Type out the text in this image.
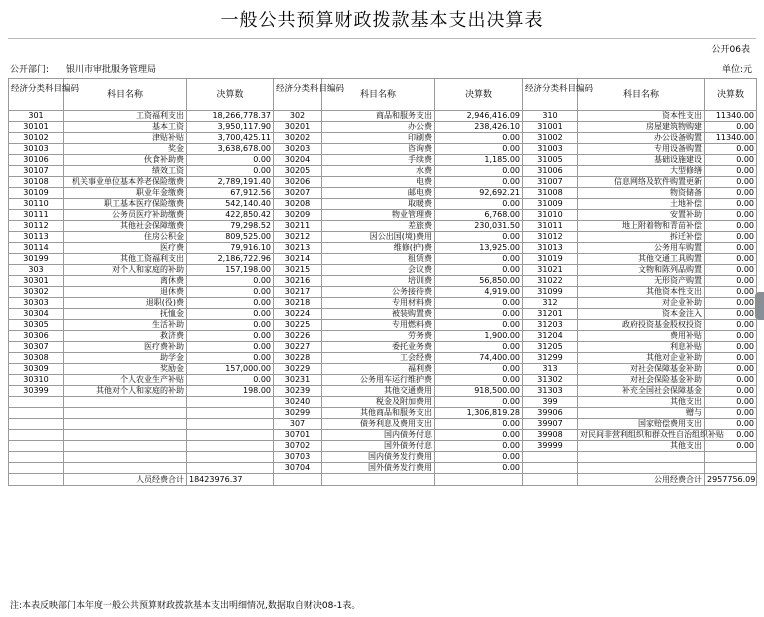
一般公共预算财政拨款基本支出决算表
公开06表
公开部门: 银川市审批服务管理局	单位:元
经济分类科目编码	科目名称	决算数	经济分类科目编码	科目名称	决算数	经济分类科目编码	科目名称	决算数
301	工资福利支出	18,266,778.37	302	商品和服务支出	2,946,416.09	310	资本性支出	11340.00
30101	基本工资	3,950,117.90	30201	办公费	238,426.10	31001	房屋建筑物购建	0.00
30102	津贴补贴	3,700,425.11	30202	印刷费	0.00	31002	办公设备购置	11340.00
30103	奖金	3,638,678.00	30203	咨询费	0.00	31003	专用设备购置	0.00
30106	伙食补助费	0.00	30204	手续费	1,185.00	31005	基础设施建设	0.00
30107	绩效工资	0.00	30205	水费	0.00	31006	大型修缮	0.00
30108	机关事业单位基本养老保险缴费	2,789,191.40	30206	电费	0.00	31007	信息网络及软件购置更新	0.00
30109	职业年金缴费	67,912.56	30207	邮电费	92,692.21	31008	物资储备	0.00
30110	职工基本医疗保险缴费	542,140.40	30208	取暖费	0.00	31009	土地补偿	0.00
30111	公务员医疗补助缴费	422,850.42	30209	物业管理费	6,768.00	31010	安置补助	0.00
30112	其他社会保障缴费	79,298.52	30211	差旅费	230,031.50	31011	地上附着物和青苗补偿	0.00
30113	住房公积金	809,525.00	30212	因公出国(境)费用	0.00	31012	拆迁补偿	0.00
30114	医疗费	79,916.10	30213	维修(护)费	13,925.00	31013	公务用车购置	0.00
30199	其他工资福利支出	2,186,722.96	30214	租赁费	0.00	31019	其他交通工具购置	0.00
303	对个人和家庭的补助	157,198.00	30215	会议费	0.00	31021	文物和陈列品购置	0.00
30301	离休费	0.00	30216	培训费	56,850.00	31022	无形资产购置	0.00
30302	退休费	0.00	30217	公务接待费	4,919.00	31099	其他资本性支出	0.00
30303	退职(役)费	0.00	30218	专用材料费	0.00	312	对企业补助	0.00
30304	抚恤金	0.00	30224	被装购置费	0.00	31201	资本金注入	0.00
30305	生活补助	0.00	30225	专用燃料费	0.00	31203	政府投资基金股权投资	0.00
30306	救济费	0.00	30226	劳务费	1,900.00	31204	费用补贴	0.00
30307	医疗费补助	0.00	30227	委托业务费	0.00	31205	利息补贴	0.00
30308	助学金	0.00	30228	工会经费	74,400.00	31299	其他对企业补助	0.00
30309	奖励金	157,000.00	30229	福利费	0.00	313	对社会保障基金补助	0.00
30310	个人农业生产补贴	0.00	30231	公务用车运行维护费	0.00	31302	对社会保险基金补助	0.00
30399	其他对个人和家庭的补助	198.00	30239	其他交通费用	918,500.00	31303	补充全国社会保障基金	0.00
			30240	税金及附加费用	0.00	399	其他支出	0.00
			30299	其他商品和服务支出	1,306,819.28	39906	赠与	0.00
			307	债务利息及费用支出	0.00	39907	国家赔偿费用支出	0.00
			30701	国内债务付息	0.00	39908	对民间非营利组织和群众性自治组织补贴	0.00
			30702	国外债务付息	0.00	39999	其他支出	0.00
			30703	国内债务发行费用	0.00			
			30704	国外债务发行费用	0.00			
	人员经费合计	18423976.37					公用经费合计	2957756.09
注:本表反映部门本年度一般公共预算财政拨款基本支出明细情况,数据取自财决08-1表。
